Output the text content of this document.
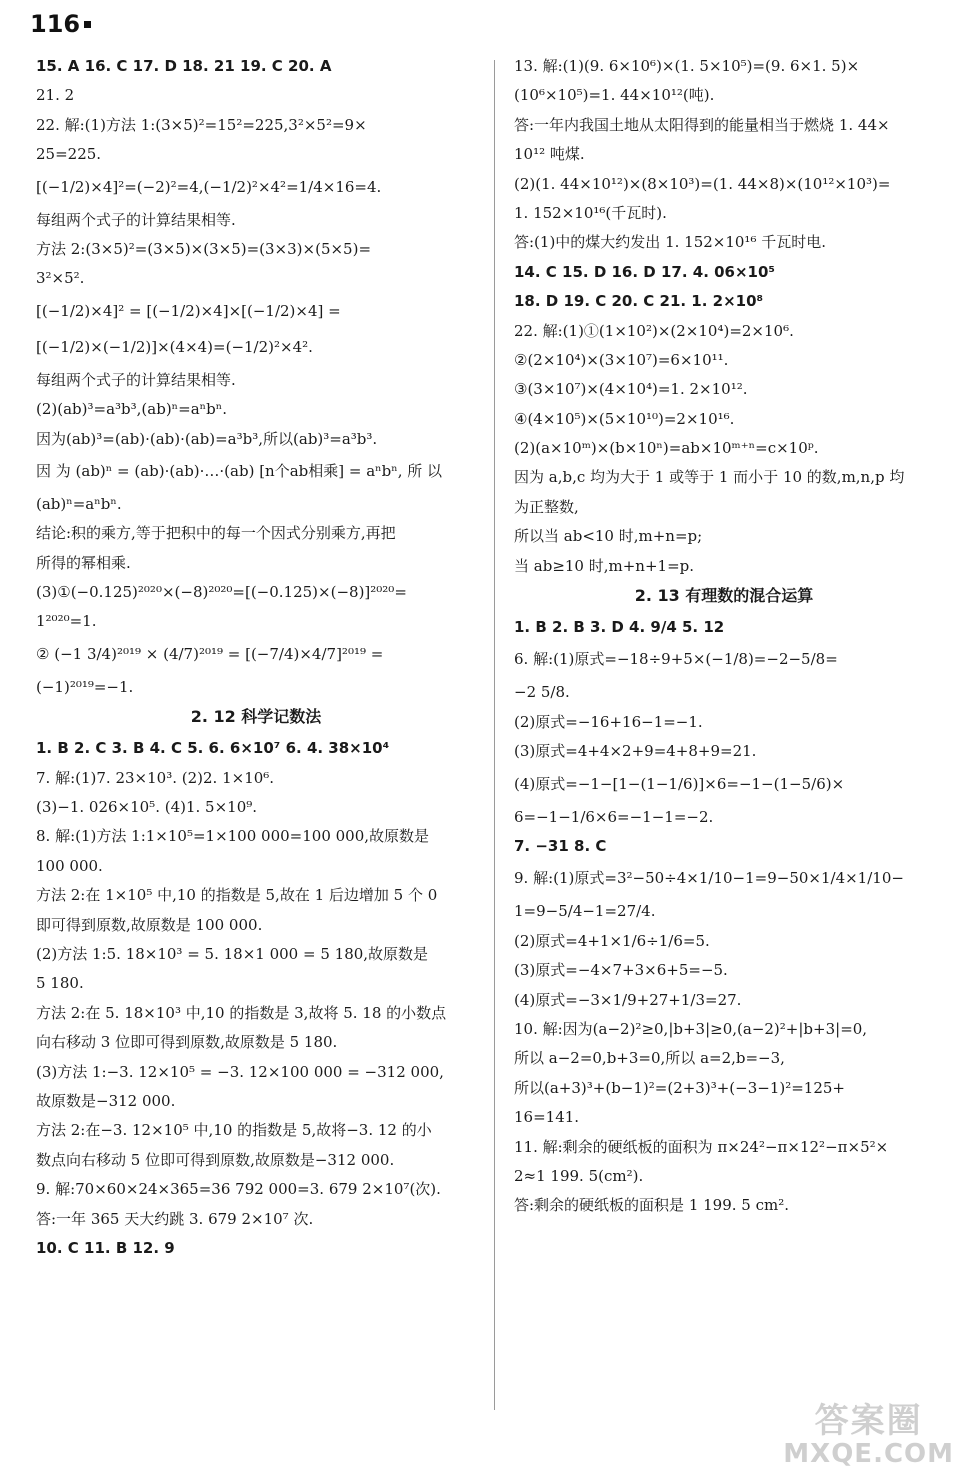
116
15. A 16. C 17. D 18. 21 19. C 20. A
21. 2
22. 解:(1)方法 1:(3×5)²=15²=225,3²×5²=9×
25=225.
[(−1/2)×4]²=(−2)²=4,(−1/2)²×4²=1/4×16=4.
每组两个式子的计算结果相等.
方法 2:(3×5)²=(3×5)×(3×5)=(3×3)×(5×5)=
3²×5².
[(−1/2)×4]² = [(−1/2)×4]×[(−1/2)×4] =
[(−1/2)×(−1/2)]×(4×4)=(−1/2)²×4².
每组两个式子的计算结果相等.
(2)(ab)³=a³b³,(ab)ⁿ=aⁿbⁿ.
因为(ab)³=(ab)·(ab)·(ab)=a³b³,所以(ab)³=a³b³.
因 为 (ab)ⁿ = (ab)·(ab)·…·(ab) [n个ab相乘] = aⁿbⁿ, 所 以
(ab)ⁿ=aⁿbⁿ.
结论:积的乘方,等于把积中的每一个因式分别乘方,再把
所得的幂相乘.
(3)①(−0.125)²⁰²⁰×(−8)²⁰²⁰=[(−0.125)×(−8)]²⁰²⁰=
1²⁰²⁰=1.
② (−1 3/4)²⁰¹⁹ × (4/7)²⁰¹⁹ = [(−7/4)×4/7]²⁰¹⁹ =
(−1)²⁰¹⁹=−1.
2. 12 科学记数法
1. B 2. C 3. B 4. C 5. 6. 6×10⁷ 6. 4. 38×10⁴
7. 解:(1)7. 23×10³. (2)2. 1×10⁶.
(3)−1. 026×10⁵. (4)1. 5×10⁹.
8. 解:(1)方法 1:1×10⁵=1×100 000=100 000,故原数是
100 000.
方法 2:在 1×10⁵ 中,10 的指数是 5,故在 1 后边增加 5 个 0
即可得到原数,故原数是 100 000.
(2)方法 1:5. 18×10³ = 5. 18×1 000 = 5 180,故原数是
5 180.
方法 2:在 5. 18×10³ 中,10 的指数是 3,故将 5. 18 的小数点
向右移动 3 位即可得到原数,故原数是 5 180.
(3)方法 1:−3. 12×10⁵ = −3. 12×100 000 = −312 000,
故原数是−312 000.
方法 2:在−3. 12×10⁵ 中,10 的指数是 5,故将−3. 12 的小
数点向右移动 5 位即可得到原数,故原数是−312 000.
9. 解:70×60×24×365=36 792 000=3. 679 2×10⁷(次).
答:一年 365 天大约跳 3. 679 2×10⁷ 次.
10. C 11. B 12. 9
13. 解:(1)(9. 6×10⁶)×(1. 5×10⁵)=(9. 6×1. 5)×
(10⁶×10⁵)=1. 44×10¹²(吨).
答:一年内我国土地从太阳得到的能量相当于燃烧 1. 44×
10¹² 吨煤.
(2)(1. 44×10¹²)×(8×10³)=(1. 44×8)×(10¹²×10³)=
1. 152×10¹⁶(千瓦时).
答:(1)中的煤大约发出 1. 152×10¹⁶ 千瓦时电.
14. C 15. D 16. D 17. 4. 06×10⁵
18. D 19. C 20. C 21. 1. 2×10⁸
22. 解:(1)①(1×10²)×(2×10⁴)=2×10⁶.
②(2×10⁴)×(3×10⁷)=6×10¹¹.
③(3×10⁷)×(4×10⁴)=1. 2×10¹².
④(4×10⁵)×(5×10¹⁰)=2×10¹⁶.
(2)(a×10ᵐ)×(b×10ⁿ)=ab×10ᵐ⁺ⁿ=c×10ᵖ.
因为 a,b,c 均为大于 1 或等于 1 而小于 10 的数,m,n,p 均
为正整数,
所以当 ab<10 时,m+n=p;
当 ab≥10 时,m+n+1=p.
2. 13 有理数的混合运算
1. B 2. B 3. D 4. 9/4 5. 12
6. 解:(1)原式=−18÷9+5×(−1/8)=−2−5/8=
−2 5/8.
(2)原式=−16+16−1=−1.
(3)原式=4+4×2+9=4+8+9=21.
(4)原式=−1−[1−(1−1/6)]×6=−1−(1−5/6)×
6=−1−1/6×6=−1−1=−2.
7. −31 8. C
9. 解:(1)原式=3²−50÷4×1/10−1=9−50×1/4×1/10−
1=9−5/4−1=27/4.
(2)原式=4+1×1/6÷1/6=5.
(3)原式=−4×7+3×6+5=−5.
(4)原式=−3×1/9+27+1/3=27.
10. 解:因为(a−2)²≥0,|b+3|≥0,(a−2)²+|b+3|=0,
所以 a−2=0,b+3=0,所以 a=2,b=−3,
所以(a+3)³+(b−1)²=(2+3)³+(−3−1)²=125+
16=141.
11. 解:剩余的硬纸板的面积为 π×24²−π×12²−π×5²×
2≈1 199. 5(cm²).
答:剩余的硬纸板的面积是 1 199. 5 cm².
答案圈
MXQE.COM
